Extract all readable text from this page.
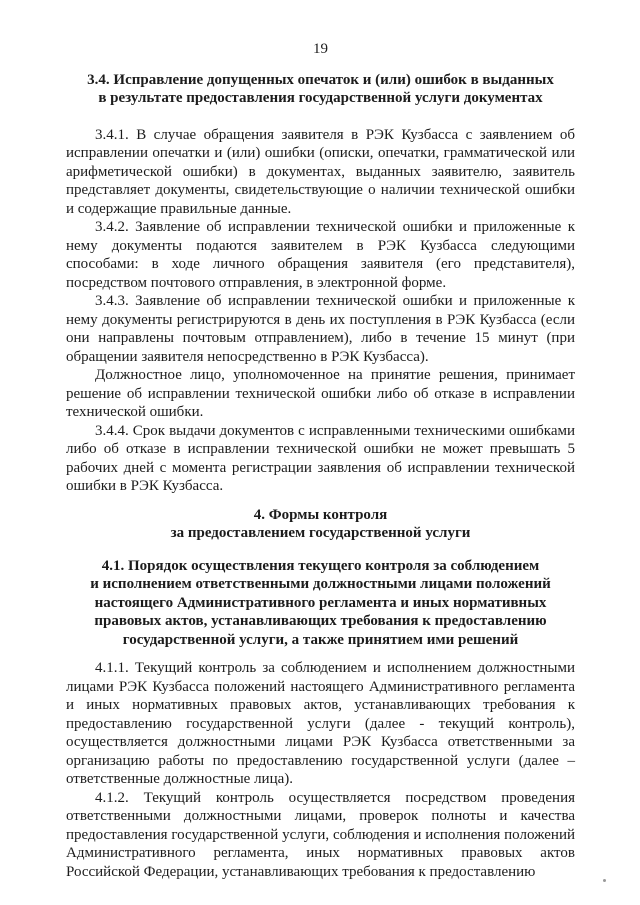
19
3.4. Исправление допущенных опечаток и (или) ошибок в выданных
в результате предоставления государственной услуги документах

3.4.1. В случае обращения заявителя в РЭК Кузбасса с заявлением об исправлении опечатки и (или) ошибки (описки, опечатки, грамматической или арифметической ошибки) в документах, выданных заявителю, заявитель представляет документы, свидетельствующие о наличии технической ошибки и содержащие правильные данные.

3.4.2. Заявление об исправлении технической ошибки и приложенные к нему документы подаются заявителем в РЭК Кузбасса следующими способами: в ходе личного обращения заявителя (его представителя), посредством почтового отправления, в электронной форме.

3.4.3. Заявление об исправлении технической ошибки и приложенные к нему документы регистрируются в день их поступления в РЭК Кузбасса (если они направлены почтовым отправлением), либо в течение 15 минут (при обращении заявителя непосредственно в РЭК Кузбасса).

Должностное лицо, уполномоченное на принятие решения, принимает решение об исправлении технической ошибки либо об отказе в исправлении технической ошибки.

3.4.4. Срок выдачи документов с исправленными техническими ошибками либо об отказе в исправлении технической ошибки не может превышать 5 рабочих дней с момента регистрации заявления об исправлении технической ошибки в РЭК Кузбасса.

4. Формы контроля
за предоставлением государственной услуги
4.1. Порядок осуществления текущего контроля за соблюдением
и исполнением ответственными должностными лицами положений
настоящего Административного регламента и иных нормативных
правовых актов, устанавливающих требования к предоставлению
государственной услуги, а также принятием ими решений

4.1.1. Текущий контроль за соблюдением и исполнением должностными лицами РЭК Кузбасса положений настоящего Административного регламента и иных нормативных правовых актов, устанавливающих требования к предоставлению государственной услуги (далее - текущий контроль), осуществляется должностными лицами РЭК Кузбасса ответственными за организацию работы по предоставлению государственной услуги (далее – ответственные должностные лица).

4.1.2. Текущий контроль осуществляется посредством проведения ответственными должностными лицами, проверок полноты и качества предоставления государственной услуги, соблюдения и исполнения положений Административного регламента, иных нормативных правовых актов Российской Федерации, устанавливающих требования к предоставлению
